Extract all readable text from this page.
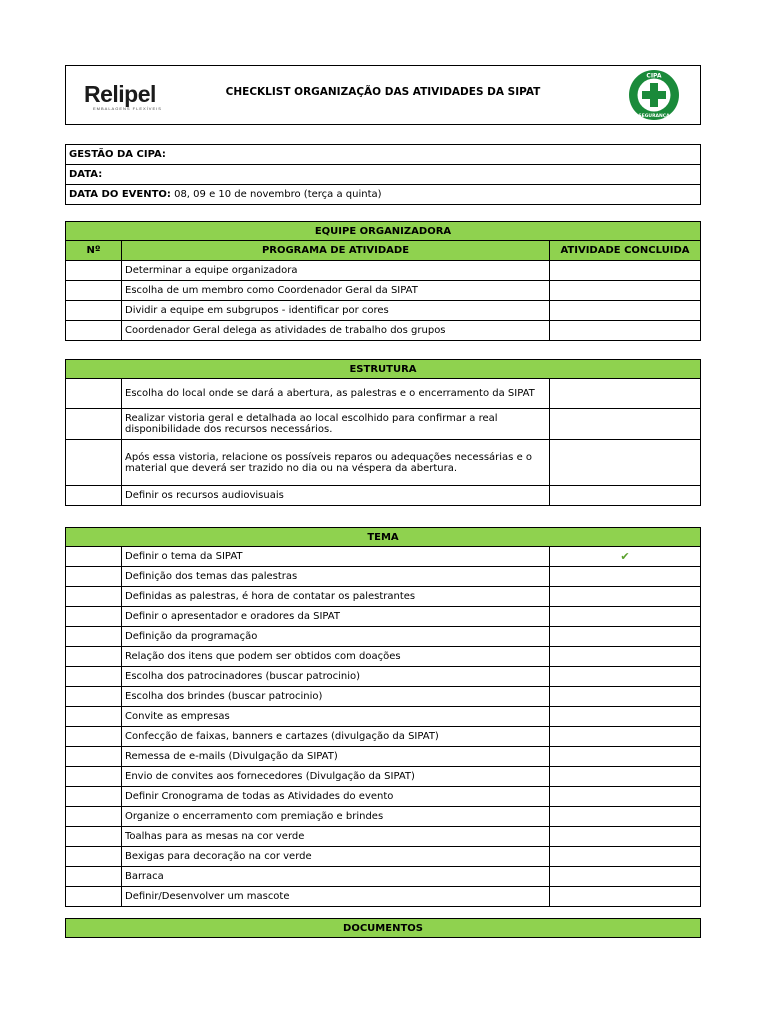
Relipel
EMBALAGENS FLEXÍVEIS
CHECKLIST ORGANIZAÇÃO DAS ATIVIDADES DA SIPAT
CIPA
SEGURANÇA
GESTÃO DA CIPA:
DATA:
DATA DO EVENTO: 08, 09 e 10 de novembro (terça a quinta)
EQUIPE ORGANIZADORA		
Nº	PROGRAMA DE ATIVIDADE	ATIVIDADE CONCLUIDA
	Determinar a equipe organizadora	
	Escolha de um membro como Coordenador Geral da SIPAT	
	Dividir a equipe em subgrupos - identificar por cores	
	Coordenador Geral delega as atividades de trabalho dos grupos	
ESTRUTURA		
	Escolha do local onde se dará a abertura, as palestras e o encerramento da SIPAT	
	Realizar vistoria geral e detalhada ao local escolhido para confirmar a real disponibilidade dos recursos necessários.	
	Após essa vistoria, relacione os possíveis reparos ou adequações necessárias e o material que deverá ser trazido no dia ou na véspera da abertura.	
	Definir os recursos audiovisuais	
TEMA		
	Definir o tema da SIPAT	✔
	Definição dos temas das palestras	
	Definidas as palestras, é hora de contatar os palestrantes	
	Definir o apresentador e oradores da SIPAT	
	Definição da programação	
	Relação dos itens que podem ser obtidos com doações	
	Escolha dos patrocinadores (buscar patrocinio)	
	Escolha dos brindes (buscar patrocinio)	
	Convite as empresas	
	Confecção de faixas, banners e cartazes (divulgação da SIPAT)	
	Remessa de e-mails (Divulgação da SIPAT)	
	Envio de convites aos fornecedores (Divulgação da SIPAT)	
	Definir Cronograma de todas as Atividades do evento	
	Organize o encerramento com premiação e brindes	
	Toalhas para as mesas na cor verde	
	Bexigas para decoração na cor verde	
	Barraca	
	Definir/Desenvolver um mascote	
DOCUMENTOS
